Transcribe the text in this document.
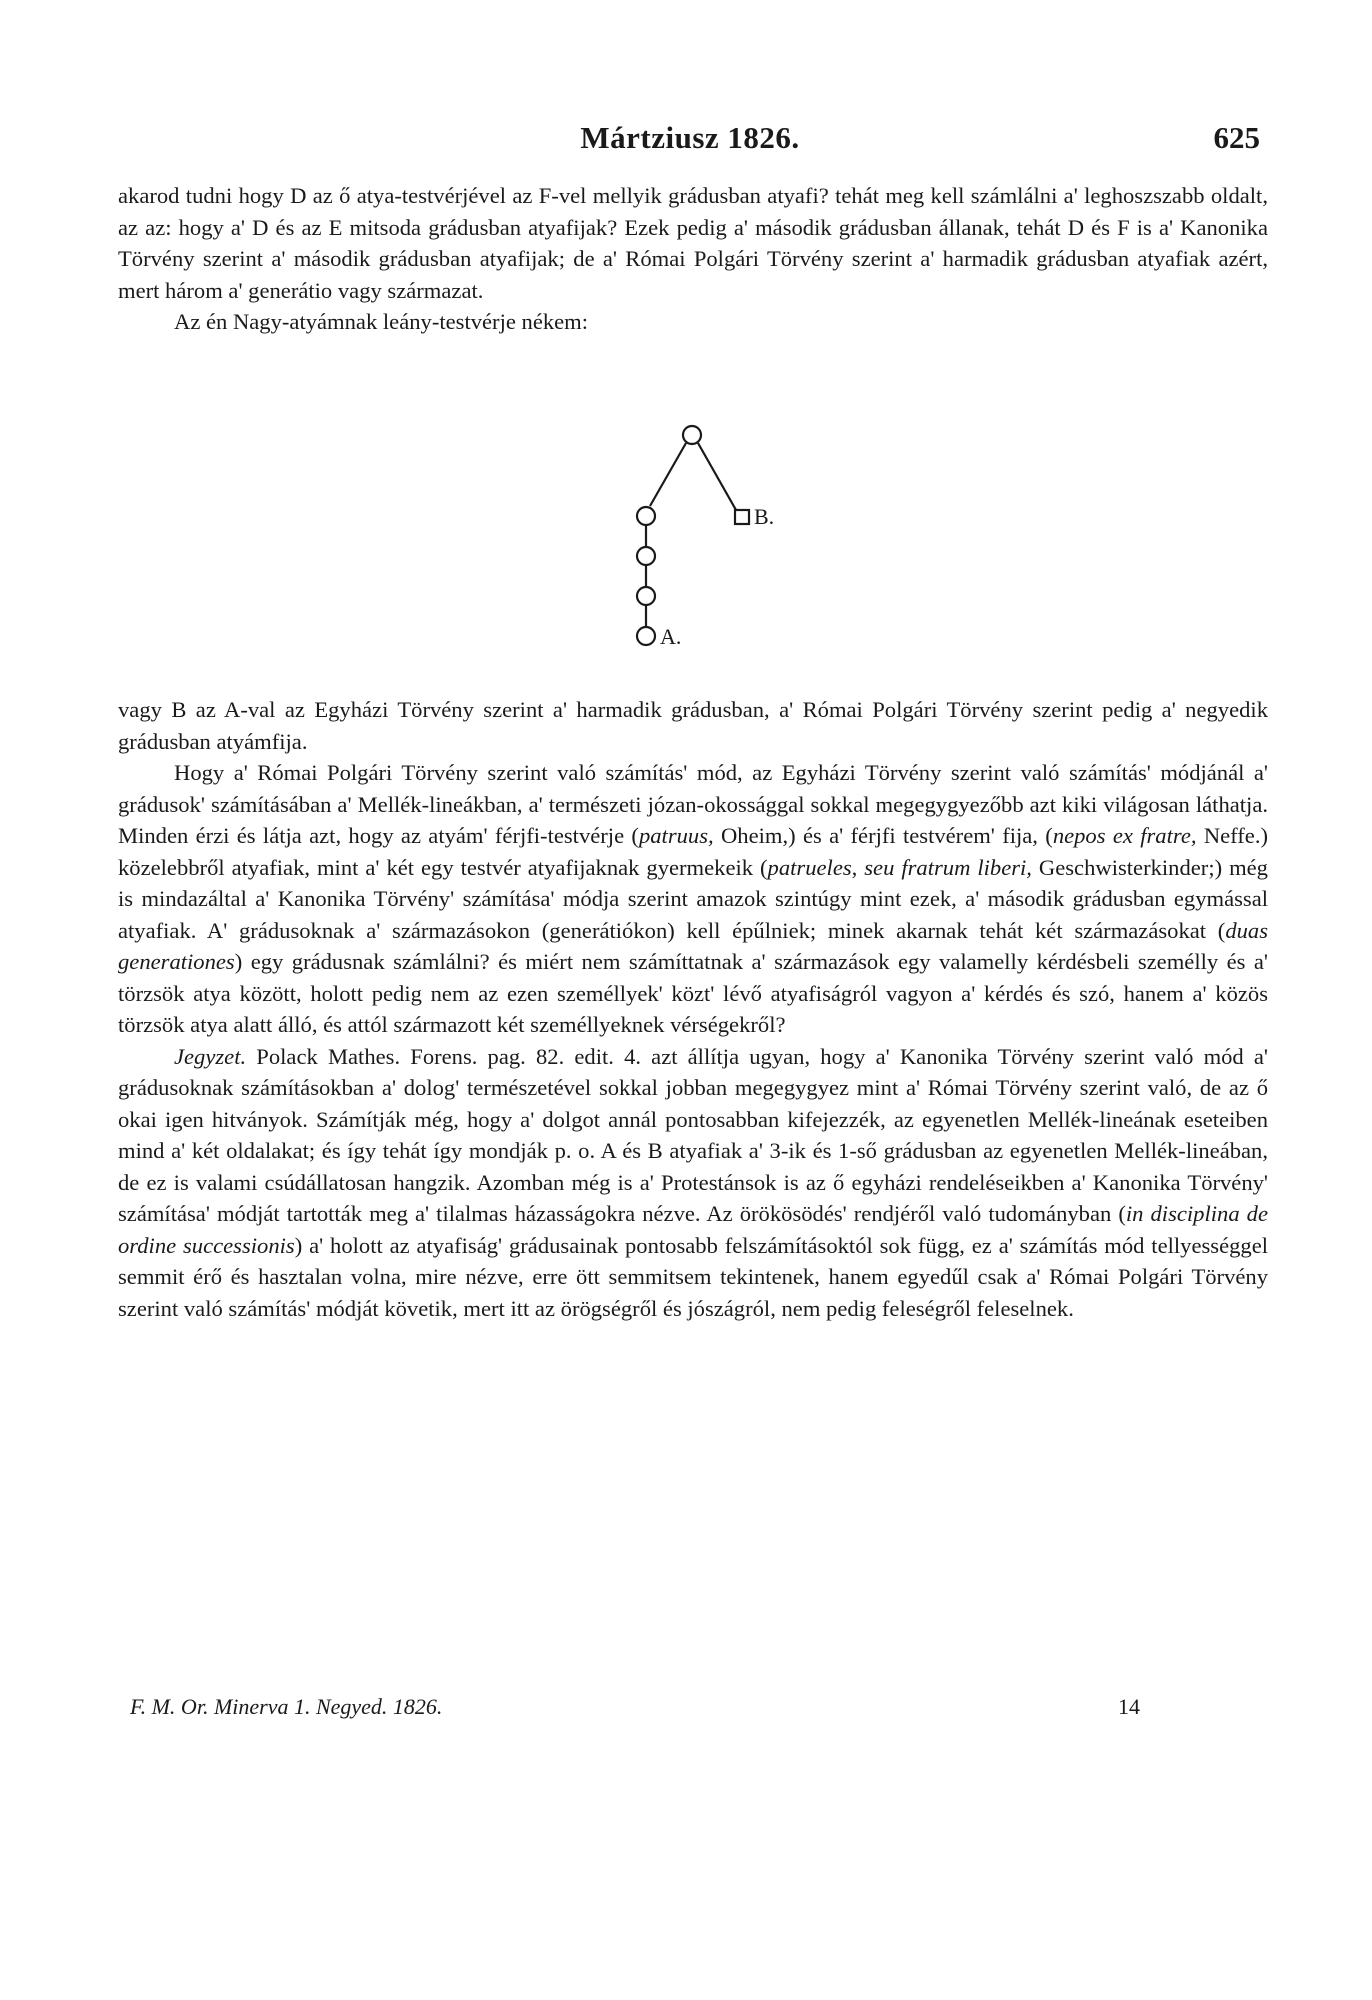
Mártziusz 1826.	625

akarod tudni hogy D az ő atya-testvérjével az F-vel mellyik grádusban atyafi? tehát meg kell számlálni a' leghoszszabb oldalt, az az: hogy a' D és az E mitsoda grádusban atyafijak? Ezek pedig a' második grádusban állanak, tehát D és F is a' Kanonika Törvény szerint a' második grádusban atyafijak; de a' Római Polgári Törvény szerint a' harmadik grádusban atyafiak azért, mert három a' generátio vagy származat.

Az én Nagy-atyámnak leány-testvérje nékem:

B.
A.

vagy B az A-val az Egyházi Törvény szerint a' harmadik grádusban, a' Római Polgári Törvény szerint pedig a' negyedik grádusban atyámfija.

Hogy a' Római Polgári Törvény szerint való számítás' mód, az Egyházi Törvény szerint való számítás' módjánál a' grádusok' számításában a' Mellék-lineákban, a' természeti józan-okossággal sokkal megegygyezőbb azt kiki világosan láthatja. Minden érzi és látja azt, hogy az atyám' férjfi-testvérje (patruus, Oheim,) és a' férjfi testvérem' fija, (nepos ex fratre, Neffe.) közelebbről atyafiak, mint a' két egy testvér atyafijaknak gyermekeik (patrueles, seu fratrum liberi, Geschwisterkinder;) még is mindazáltal a' Kanonika Törvény' számítása' módja szerint amazok szintúgy mint ezek, a' második grádusban egymással atyafiak. A' grádusoknak a' származásokon (generátiókon) kell épűlniek; minek akarnak tehát két származásokat (duas generationes) egy grádusnak számlálni? és miért nem számíttatnak a' származások egy valamelly kérdésbeli személly és a' törzsök atya között, holott pedig nem az ezen személlyek' közt' lévő atyafiságról vagyon a' kérdés és szó, hanem a' közös törzsök atya alatt álló, és attól származott két személlyeknek vérségekről?

Jegyzet. Polack Mathes. Forens. pag. 82. edit. 4. azt állítja ugyan, hogy a' Kanonika Törvény szerint való mód a' grádusoknak számításokban a' dolog' természetével sokkal jobban megegygyez mint a' Római Törvény szerint való, de az ő okai igen hitványok. Számítják még, hogy a' dolgot annál pontosabban kifejezzék, az egyenetlen Mellék-lineának eseteiben mind a' két oldalakat; és így tehát így mondják p. o. A és B atyafiak a' 3-ik és 1-ső grádusban az egyenetlen Mellék-lineában, de ez is valami csúdállatosan hangzik. Azomban még is a' Protestánsok is az ő egyházi rendeléseikben a' Kanonika Törvény' számítása' módját tartották meg a' tilalmas házasságokra nézve. Az örökösödés' rendjéről való tudományban (in disciplina de ordine successionis) a' holott az atyafiság' grádusainak pontosabb felszámításoktól sok függ, ez a' számítás mód tellyességgel semmit érő és hasztalan volna, mire nézve, erre ött semmitsem tekintenek, hanem egyedűl csak a' Római Polgári Törvény szerint való számítás' módját követik, mert itt az örögségről és jószágról, nem pedig feleségről feleselnek.

F. M. Or. Minerva 1. Negyed. 1826.	14
